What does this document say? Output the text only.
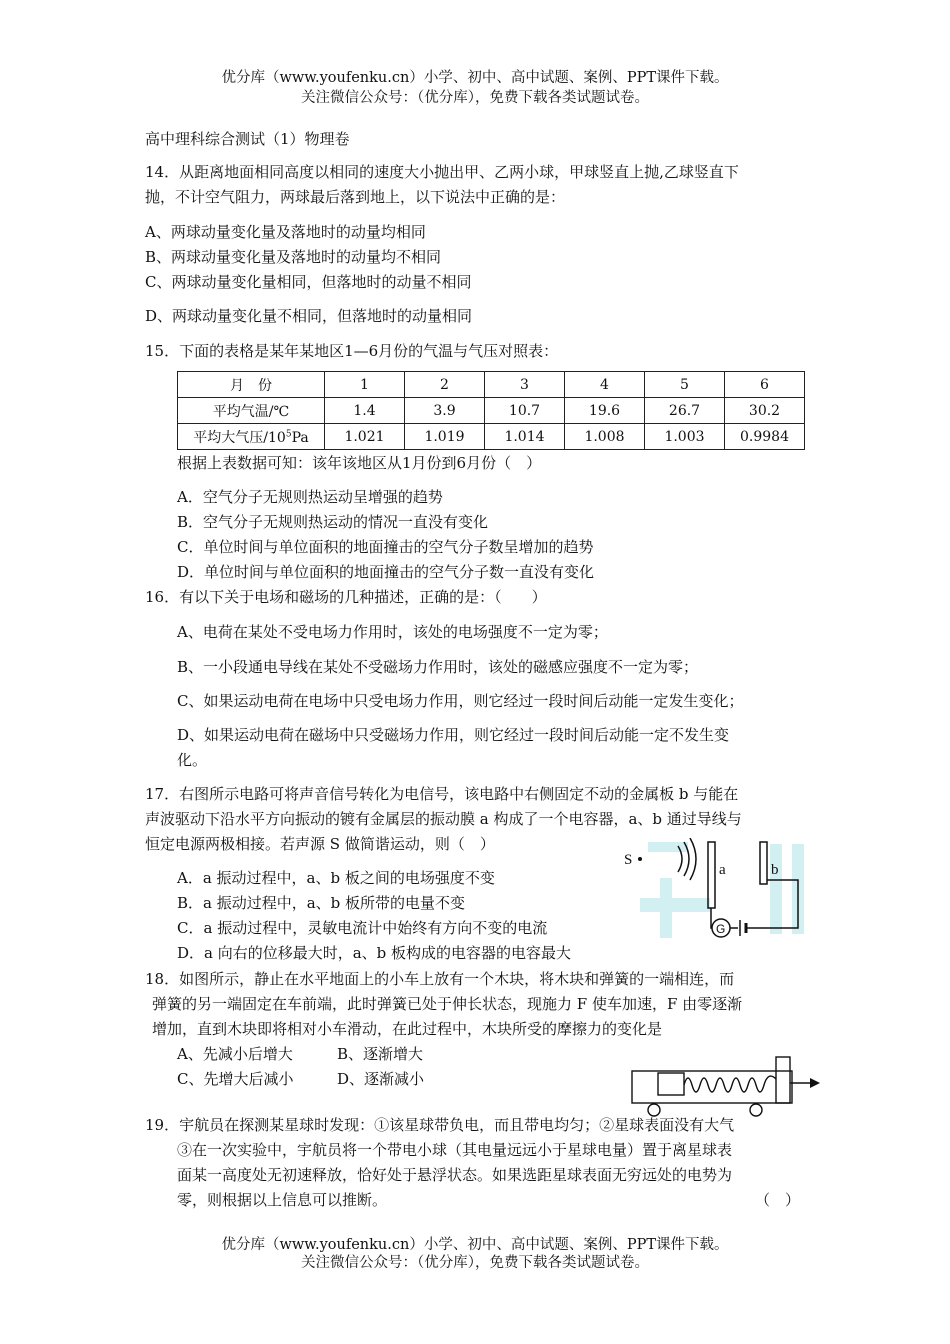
优分库（www.youfenku.cn）小学、初中、高中试题、案例、PPT课件下载。
关注微信公众号：（优分库），免费下载各类试题试卷。
高中理科综合测试（1）物理卷
14．从距离地面相同高度以相同的速度大小抛出甲、乙两小球，甲球竖直上抛,乙球竖直下
抛，不计空气阻力，两球最后落到地上，以下说法中正确的是：
A、两球动量变化量及落地时的动量均相同
B、两球动量变化量及落地时的动量均不相同
C、两球动量变化量相同，但落地时的动量不相同
D、两球动量变化量不相同，但落地时的动量相同
15．下面的表格是某年某地区1—6月份的气温与气压对照表：
月　份	1	2	3	4	5	6
平均气温/℃	1.4	3.9	10.7	19.6	26.7	30.2
平均大气压$/10^5Pa$	1.021	1.019	1.014	1.008	1.003	0.9984
根据上表数据可知：该年该地区从1月份到6月份（　）
A．空气分子无规则热运动呈增强的趋势
B．空气分子无规则热运动的情况一直没有变化
C．单位时间与单位面积的地面撞击的空气分子数呈增加的趋势
D．单位时间与单位面积的地面撞击的空气分子数一直没有变化
16．有以下关于电场和磁场的几种描述，正确的是：（　　）
A、电荷在某处不受电场力作用时，该处的电场强度不一定为零；
B、一小段通电导线在某处不受磁场力作用时，该处的磁感应强度不一定为零；
C、如果运动电荷在电场中只受电场力作用，则它经过一段时间后动能一定发生变化；
D、如果运动电荷在磁场中只受磁场力作用，则它经过一段时间后动能一定不发生变
化。
17．右图所示电路可将声音信号转化为电信号，该电路中右侧固定不动的金属板 b 与能在
声波驱动下沿水平方向振动的镀有金属层的振动膜 a 构成了一个电容器，a、b 通过导线与
恒定电源两极相接。若声源 S 做简谐运动，则（　）
A．a 振动过程中，a、b 板之间的电场强度不变
B．a 振动过程中，a、b 板所带的电量不变
C．a 振动过程中，灵敏电流计中始终有方向不变的电流
D．a 向右的位移最大时，a、b 板构成的电容器的电容最大
S
a	b
G
18．如图所示，静止在水平地面上的小车上放有一个木块，将木块和弹簧的一端相连，而
弹簧的另一端固定在车前端，此时弹簧已处于伸长状态，现施力 F 使车加速，F 由零逐渐
增加，直到木块即将相对小车滑动，在此过程中，木块所受的摩擦力的变化是
A、先减小后增大	B、逐渐增大
C、先增大后减小	D、逐渐减小
19．宇航员在探测某星球时发现：①该星球带负电，而且带电均匀；②星球表面没有大气
③在一次实验中，宇航员将一个带电小球（其电量远远小于星球电量）置于离星球表
面某一高度处无初速释放，恰好处于悬浮状态。如果选距星球表面无穷远处的电势为
零，则根据以上信息可以推断。	（　）
优分库（www.youfenku.cn）小学、初中、高中试题、案例、PPT课件下载。
关注微信公众号：（优分库），免费下载各类试题试卷。
